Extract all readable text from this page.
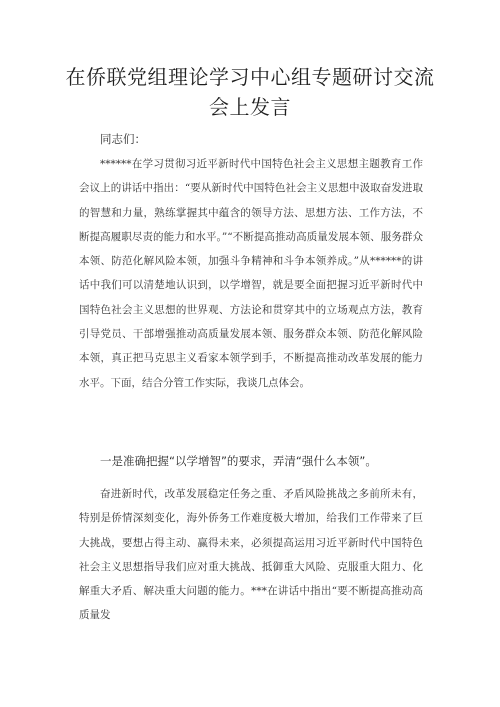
在侨联党组理论学习中心组专题研讨交流
会上发言
同志们：

******在学习贯彻习近平新时代中国特色社会主义思想主题教育工作会议上的讲话中指出：“要从新时代中国特色社会主义思想中汲取奋发进取的智慧和力量，熟练掌握其中蕴含的领导方法、思想方法、工作方法，不断提高履职尽责的能力和水平。”“不断提高推动高质量发展本领、服务群众本领、防范化解风险本领，加强斗争精神和斗争本领养成。”从******的讲话中我们可以清楚地认识到，以学增智，就是要全面把握习近平新时代中国特色社会主义思想的世界观、方法论和贯穿其中的立场观点方法，教育引导党员、干部增强推动高质量发展本领、服务群众本领、防范化解风险本领，真正把马克思主义看家本领学到手，不断提高推动改革发展的能力水平。下面，结合分管工作实际，我谈几点体会。

一是准确把握“以学增智”的要求，弄清“强什么本领”。

奋进新时代，改革发展稳定任务之重、矛盾风险挑战之多前所未有，特别是侨情深刻变化，海外侨务工作难度极大增加，给我们工作带来了巨大挑战，要想占得主动、赢得未来，必须提高运用习近平新时代中国特色社会主义思想指导我们应对重大挑战、抵御重大风险、克服重大阻力、化解重大矛盾、解决重大问题的能力。***在讲话中指出“要不断提高推动高质量发
